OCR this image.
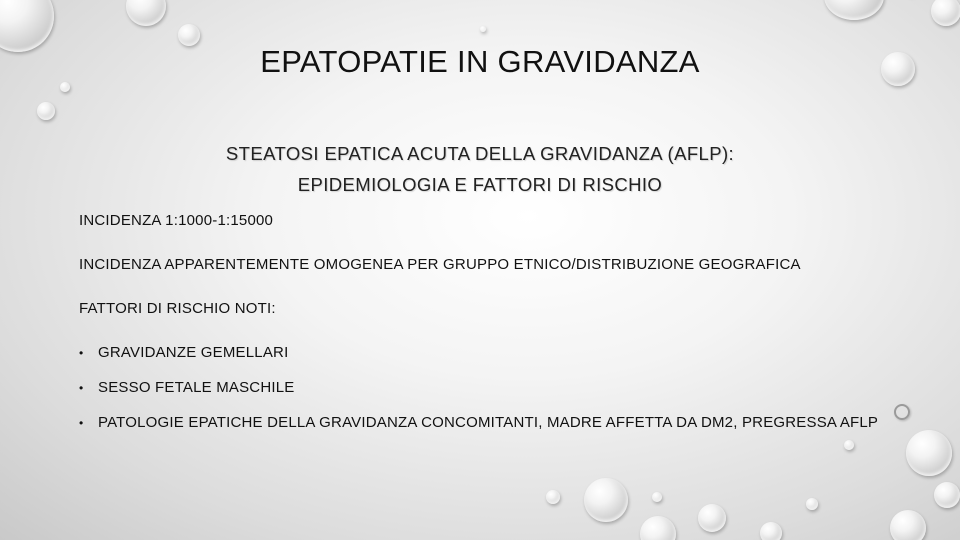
EPATOPATIE IN GRAVIDANZA
STEATOSI EPATICA ACUTA DELLA GRAVIDANZA (AFLP):
EPIDEMIOLOGIA E FATTORI DI RISCHIO

INCIDENZA 1:1000-1:15000

INCIDENZA APPARENTEMENTE OMOGENEA PER GRUPPO ETNICO/DISTRIBUZIONE GEOGRAFICA

FATTORI DI RISCHIO NOTI:

• GRAVIDANZE GEMELLARI
• SESSO FETALE MASCHILE
• PATOLOGIE EPATICHE DELLA GRAVIDANZA CONCOMITANTI, MADRE AFFETTA DA DM2, PREGRESSA AFLP
